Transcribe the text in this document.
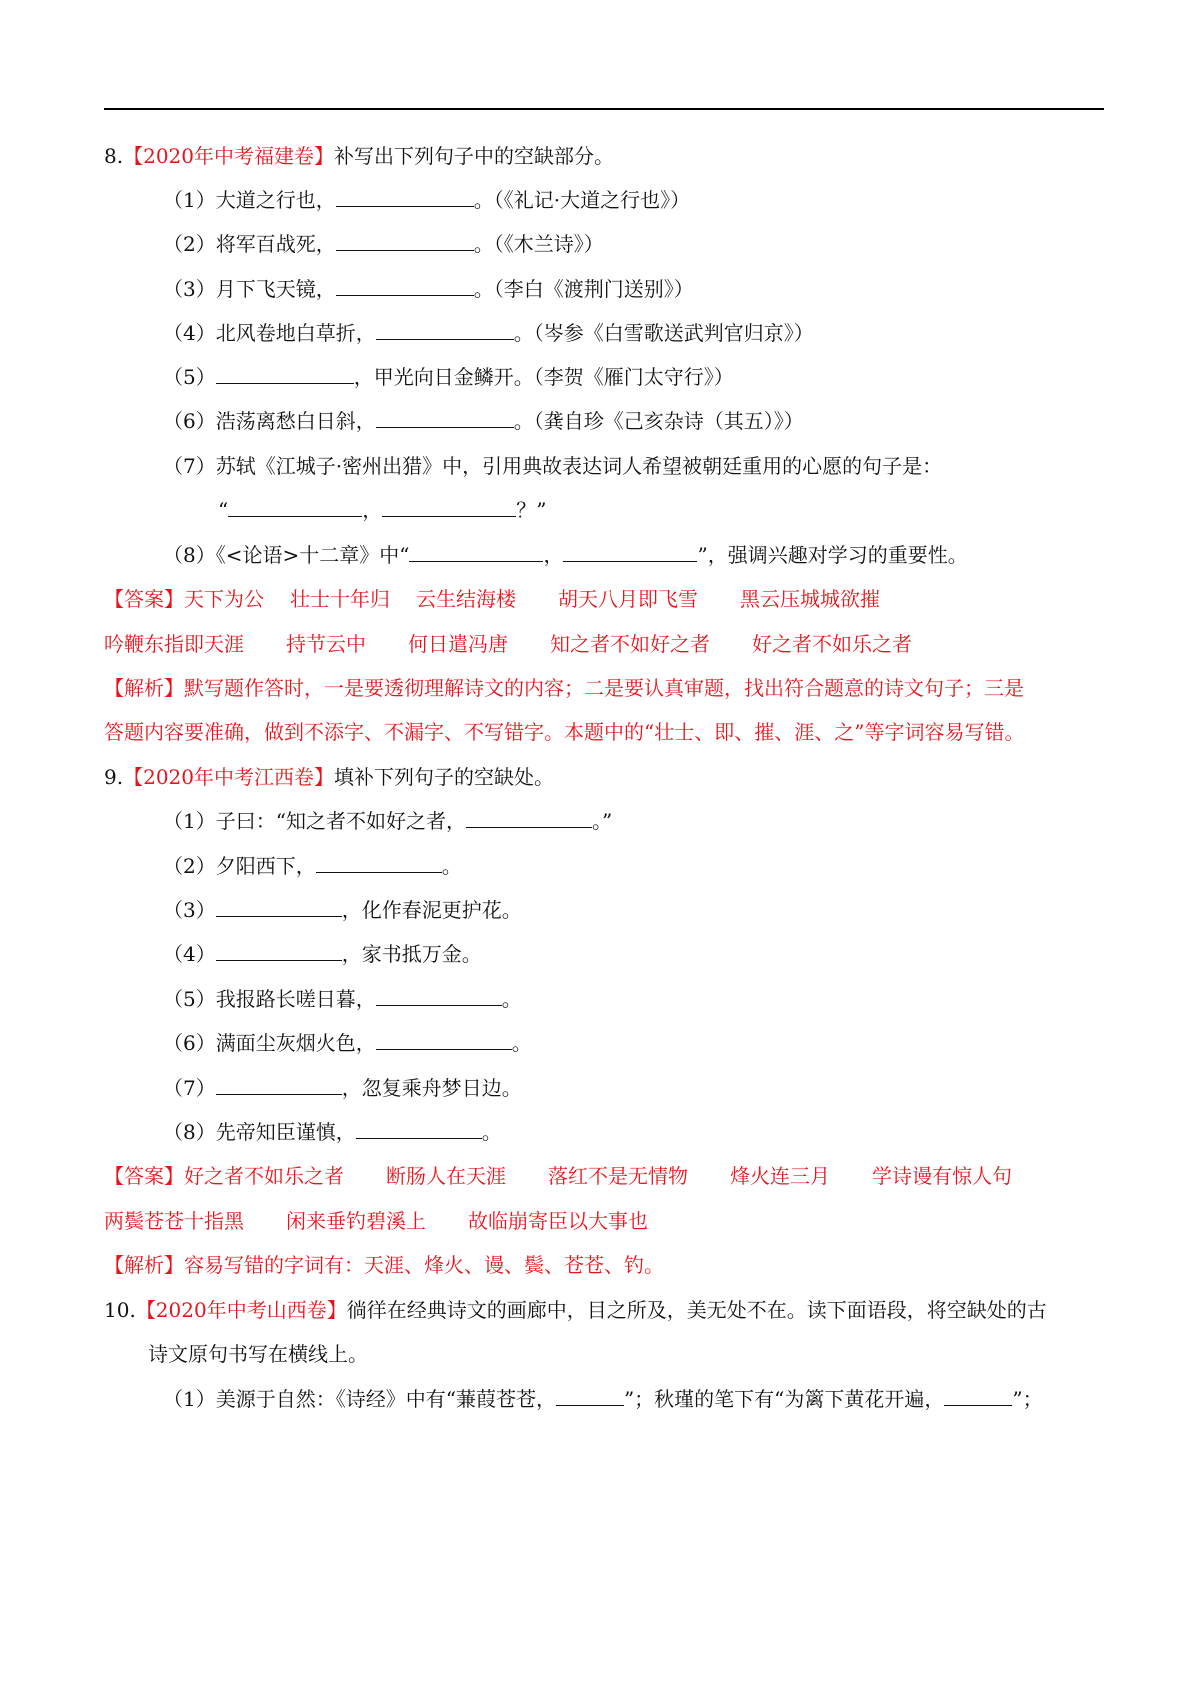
8.【2020年中考福建卷】补写出下列句子中的空缺部分。
（1）大道之行也，	。（《礼记·大道之行也》）
（2）将军百战死，	。（《木兰诗》）
（3）月下飞天镜，	。（李白《渡荆门送别》）
（4）北风卷地白草折，	。（岑参《白雪歌送武判官归京》）
（5）	，甲光向日金鳞开。（李贺《雁门太守行》）
（6）浩荡离愁白日斜，	。（龚自珍《己亥杂诗（其五）》）
（7）苏轼《江城子·密州出猎》中，引用典故表达词人希望被朝廷重用的心愿的句子是：
“	，	？”
（8）《<论语>十二章》中“	，	”，强调兴趣对学习的重要性。
【答案】天下为公 壮士十年归 云生结海楼 胡天八月即飞雪 黑云压城城欲摧
吟鞭东指即天涯 持节云中 何日遣冯唐 知之者不如好之者 好之者不如乐之者
【解析】默写题作答时，一是要透彻理解诗文的内容；二是要认真审题，找出符合题意的诗文句子；三是
答题内容要准确，做到不添字、不漏字、不写错字。本题中的“壮士、即、摧、涯、之”等字词容易写错。
9.【2020年中考江西卷】填补下列句子的空缺处。
（1）子曰：“知之者不如好之者，	。”
（2）夕阳西下，	。
（3）	，化作春泥更护花。
（4）	，家书抵万金。
（5）我报路长嗟日暮，	。
（6）满面尘灰烟火色，	。
（7）	，忽复乘舟梦日边。
（8）先帝知臣谨慎，	。
【答案】好之者不如乐之者 断肠人在天涯 落红不是无情物 烽火连三月 学诗谩有惊人句
两鬓苍苍十指黑 闲来垂钓碧溪上 故临崩寄臣以大事也
【解析】容易写错的字词有：天涯、烽火、谩、鬓、苍苍、钓。
10.【2020年中考山西卷】徜徉在经典诗文的画廊中，目之所及，美无处不在。读下面语段，将空缺处的古
诗文原句书写在横线上。
（1）美源于自然：《诗经》中有“蒹葭苍苍，	”；秋瑾的笔下有“为篱下黄花开遍，	”；
